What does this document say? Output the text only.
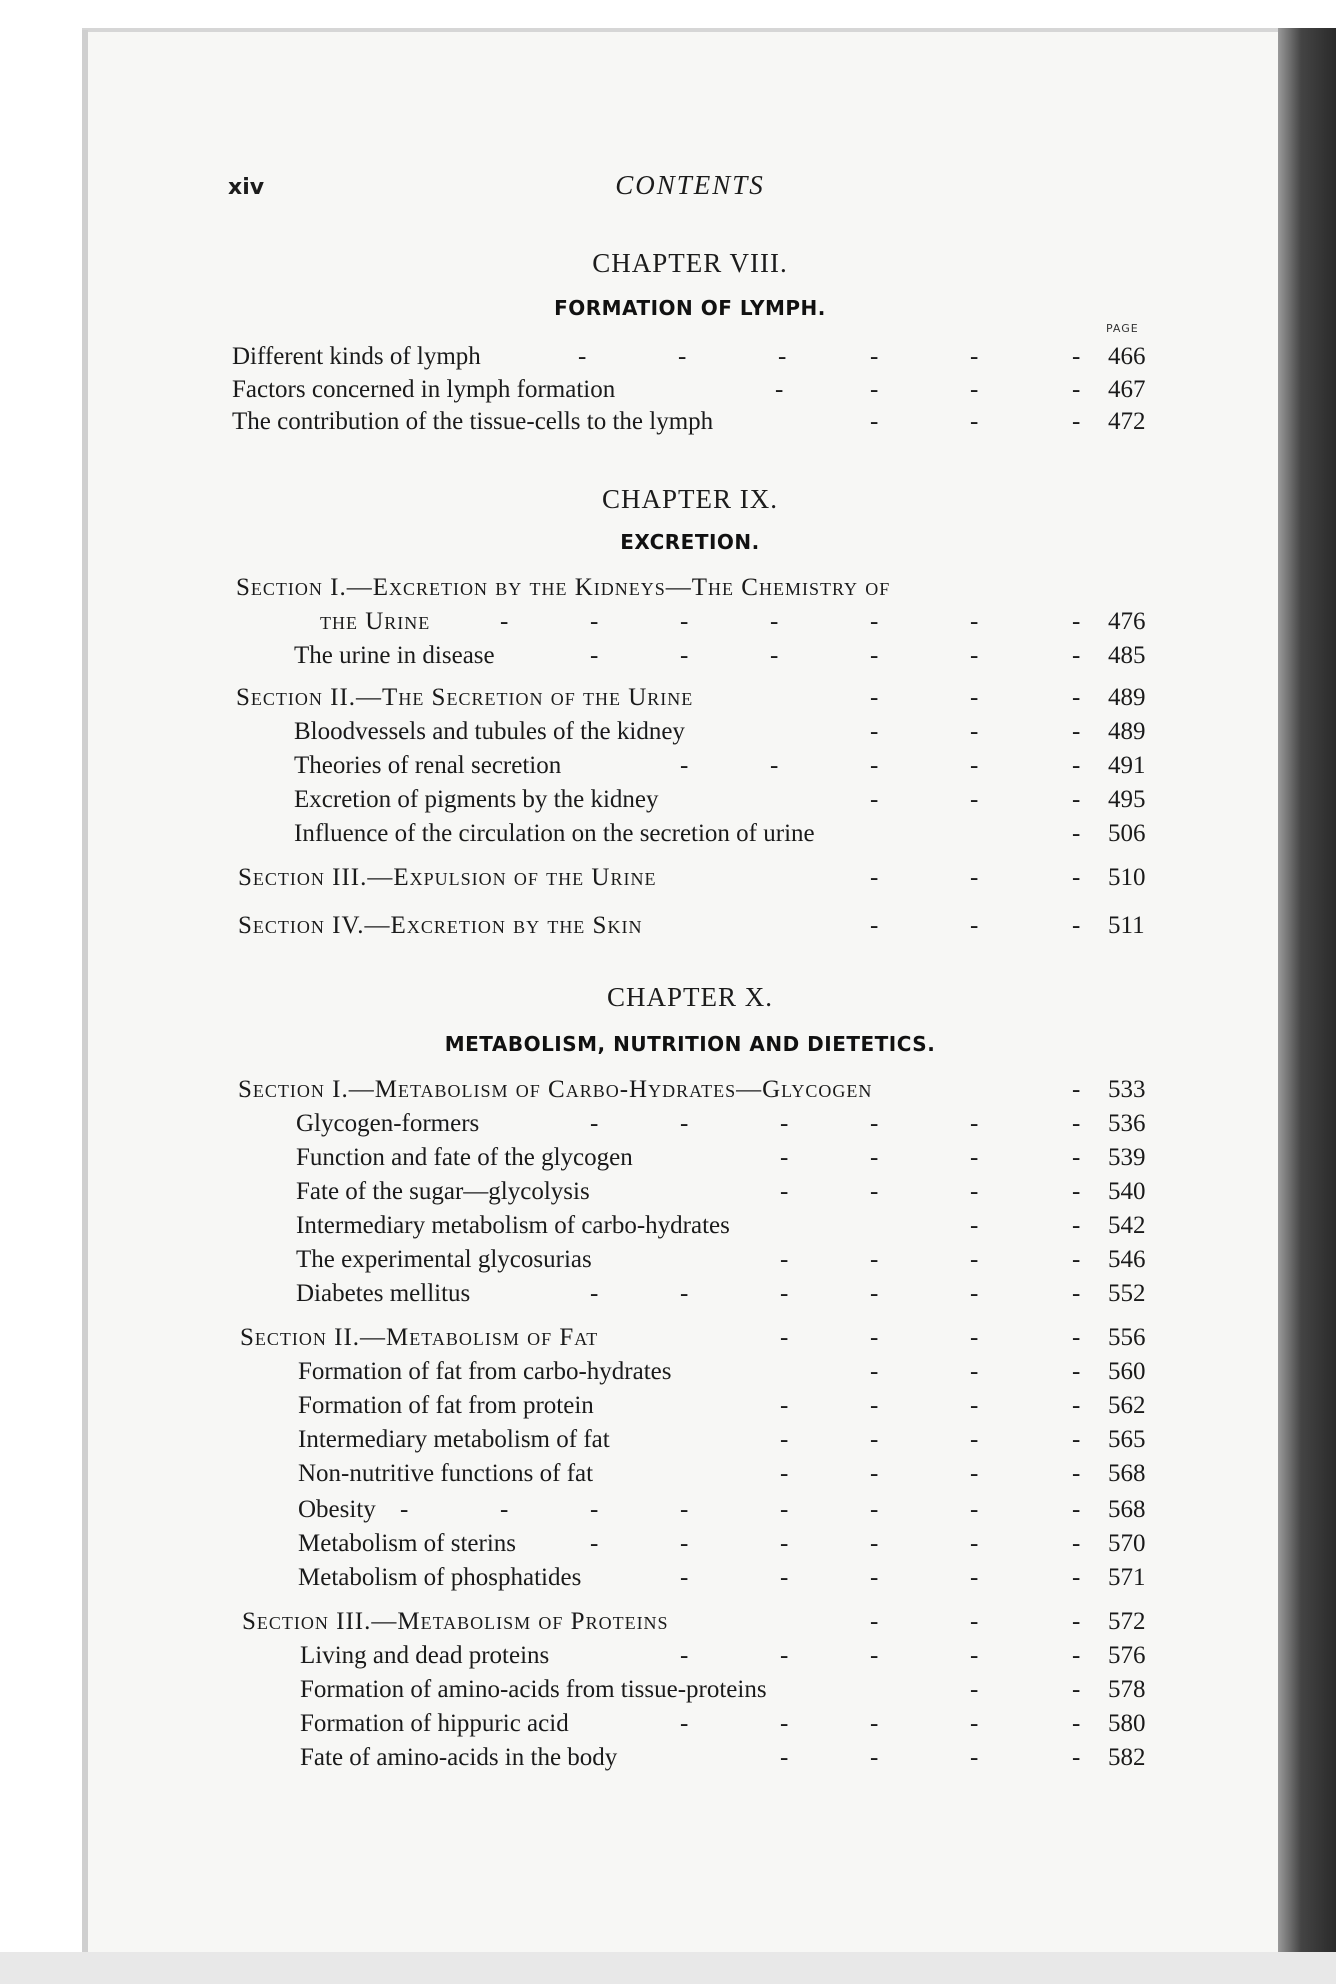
xiv	CONTENTS
CHAPTER VIII.
FORMATION OF LYMPH.
PAGE
Different kinds of lymph	-	-	-	-	-	- 466
Factors concerned in lymph formation	-	-	-	- 467
The contribution of the tissue-cells to the lymph	-	-	- 472
CHAPTER IX.
EXCRETION.
Section I.—Excretion by the Kidneys—The Chemistry of
the Urine	-	-	-	-	-	-	- 476
The urine in disease	-	-	-	-	-	- 485
Section II.—The Secretion of the Urine	-	-	- 489
Bloodvessels and tubules of the kidney	-	-	- 489
Theories of renal secretion	-	-	-	-	- 491
Excretion of pigments by the kidney	-	-	- 495
Influence of the circulation on the secretion of urine	- 506
Section III.—Expulsion of the Urine	-	-	- 510
Section IV.—Excretion by the Skin	-	-	- 511
CHAPTER X.
METABOLISM, NUTRITION AND DIETETICS.
Section I.—Metabolism of Carbo-Hydrates—Glycogen	- 533
Glycogen-formers	-	-	-	-	-	- 536
Function and fate of the glycogen	-	-	-	- 539
Fate of the sugar—glycolysis	-	-	-	- 540
Intermediary metabolism of carbo-hydrates	-	- 542
The experimental glycosurias	-	-	-	- 546
Diabetes mellitus	-	-	-	-	-	- 552
Section II.—Metabolism of Fat	-	-	-	- 556
Formation of fat from carbo-hydrates	-	-	- 560
Formation of fat from protein	-	-	-	- 562
Intermediary metabolism of fat	-	-	-	- 565
Non-nutritive functions of fat	-	-	-	- 568
Obesity -	-	-	-	-	-	-	- 568
Metabolism of sterins	-	-	-	-	-	- 570
Metabolism of phosphatides	-	-	-	-	- 571
Section III.—Metabolism of Proteins	-	-	- 572
Living and dead proteins	-	-	-	-	- 576
Formation of amino-acids from tissue-proteins	-	- 578
Formation of hippuric acid	-	-	-	-	- 580
Fate of amino-acids in the body	-	-	-	- 582
